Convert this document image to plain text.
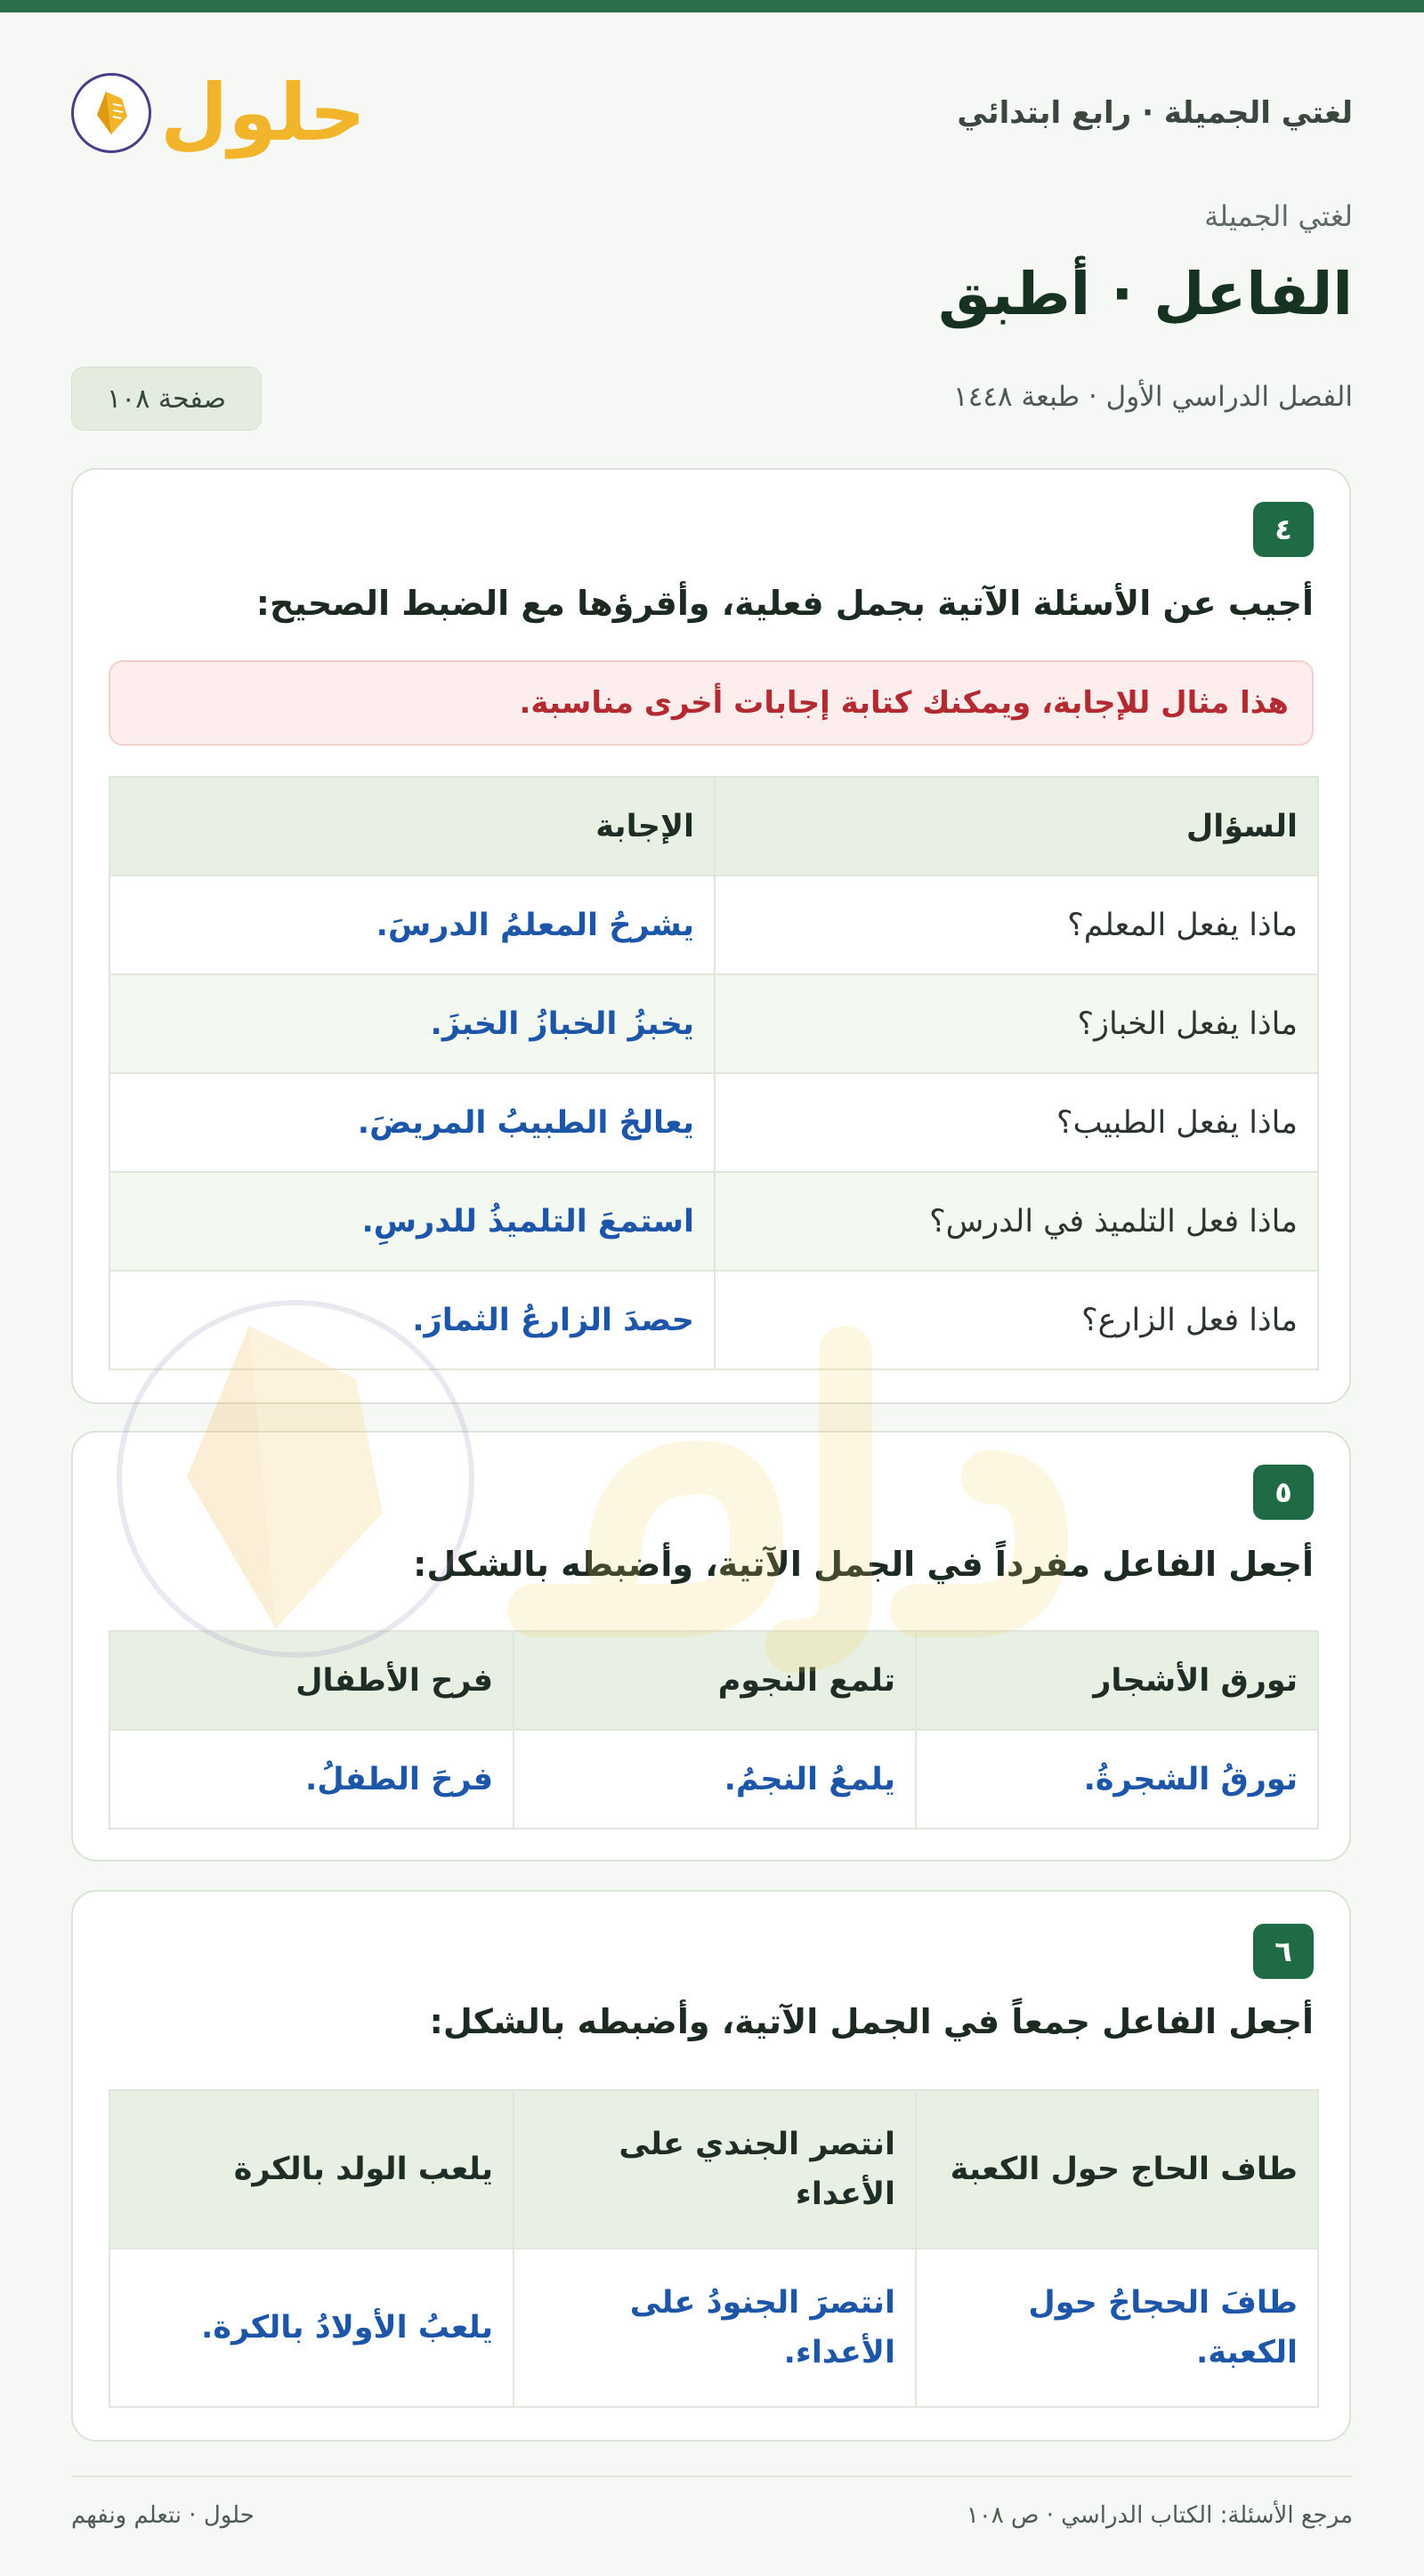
لغتي الجميلة · رابع ابتدائي
حلول
لغتي الجميلة
الفاعل · أطبق
الفصل الدراسي الأول · طبعة ١٤٤٨
صفحة ١٠٨
٤
أجيب عن الأسئلة الآتية بجمل فعلية، وأقرؤها مع الضبط الصحيح:
هذا مثال للإجابة، ويمكنك كتابة إجابات أخرى مناسبة.
السؤال	الإجابة
ماذا يفعل المعلم؟	يشرحُ المعلمُ الدرسَ.
ماذا يفعل الخباز؟	يخبزُ الخبازُ الخبزَ.
ماذا يفعل الطبيب؟	يعالجُ الطبيبُ المريضَ.
ماذا فعل التلميذ في الدرس؟	استمعَ التلميذُ للدرسِ.
ماذا فعل الزارع؟	حصدَ الزارعُ الثمارَ.
٥
أجعل الفاعل مفرداً في الجمل الآتية، وأضبطه بالشكل:
تورق الأشجار	تلمع النجوم	فرح الأطفال
تورقُ الشجرةُ.	يلمعُ النجمُ.	فرحَ الطفلُ.
٦
أجعل الفاعل جمعاً في الجمل الآتية، وأضبطه بالشكل:
طاف الحاج حول الكعبة	انتصر الجندي على الأعداء	يلعب الولد بالكرة
طافَ الحجاجُ حول الكعبة.	انتصرَ الجنودُ على الأعداء.	يلعبُ الأولادُ بالكرة.
مرجع الأسئلة: الكتاب الدراسي · ص ١٠٨
حلول · نتعلم ونفهم
